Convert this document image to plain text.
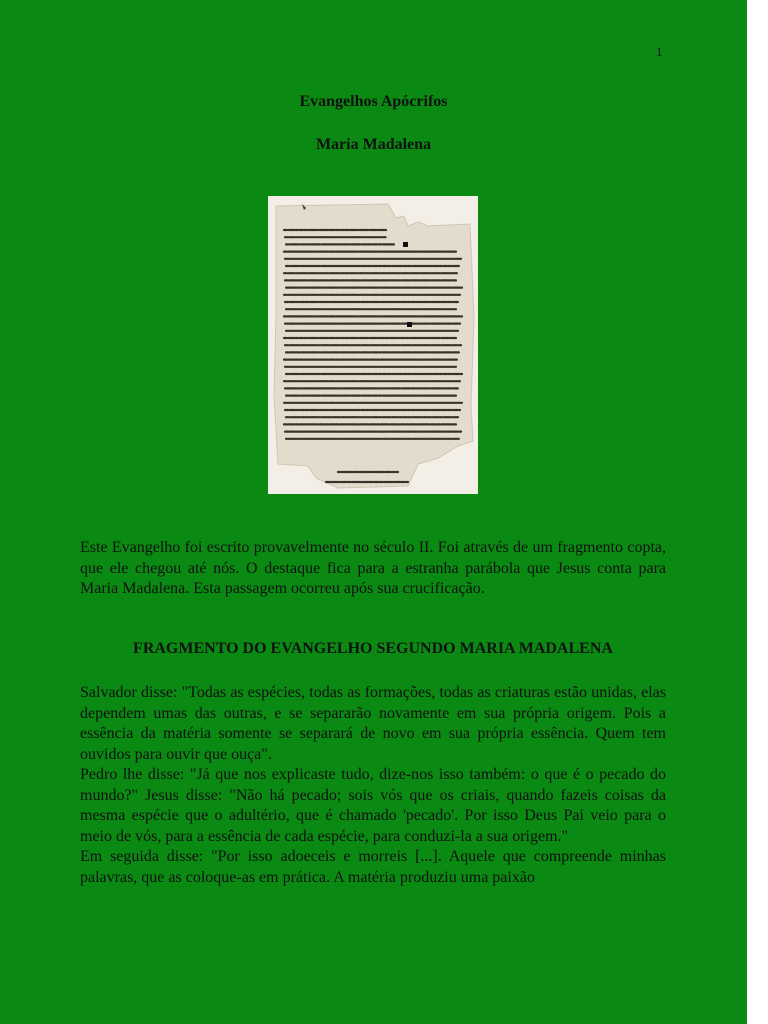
1
Evangelhos Apócrifos
Maria Madalena
Este Evangelho foi escrito provavelmente no século II. Foi através de um fragmento copta, que ele chegou até nós. O destaque fica para a estranha parábola que Jesus conta para Maria Madalena. Esta passagem ocorreu após sua crucificação.
FRAGMENTO DO EVANGELHO SEGUNDO MARIA MADALENA

Salvador disse: "Todas as espécies, todas as formações, todas as criaturas estão unidas, elas dependem umas das outras, e se separarão novamente em sua própria origem. Pois a essência da matéria somente se separará de novo em sua própria essência. Quem tem ouvidos para ouvir que ouça".

Pedro lhe disse: "Já que nos explicaste tudo, dize-nos isso também: o que é o pecado do mundo?" Jesus disse: "Não há pecado; sois vós que os criais, quando fazeis coisas da mesma espécie que o adultério, que é chamado 'pecado'. Por isso Deus Pai veio para o meio de vós, para a essência de cada espécie, para conduzi-la a sua origem."

Em seguida disse: "Por isso adoeceis e morreis [...]. Aquele que compreende minhas palavras, que as coloque-as em prática. A matéria produziu uma paixão
